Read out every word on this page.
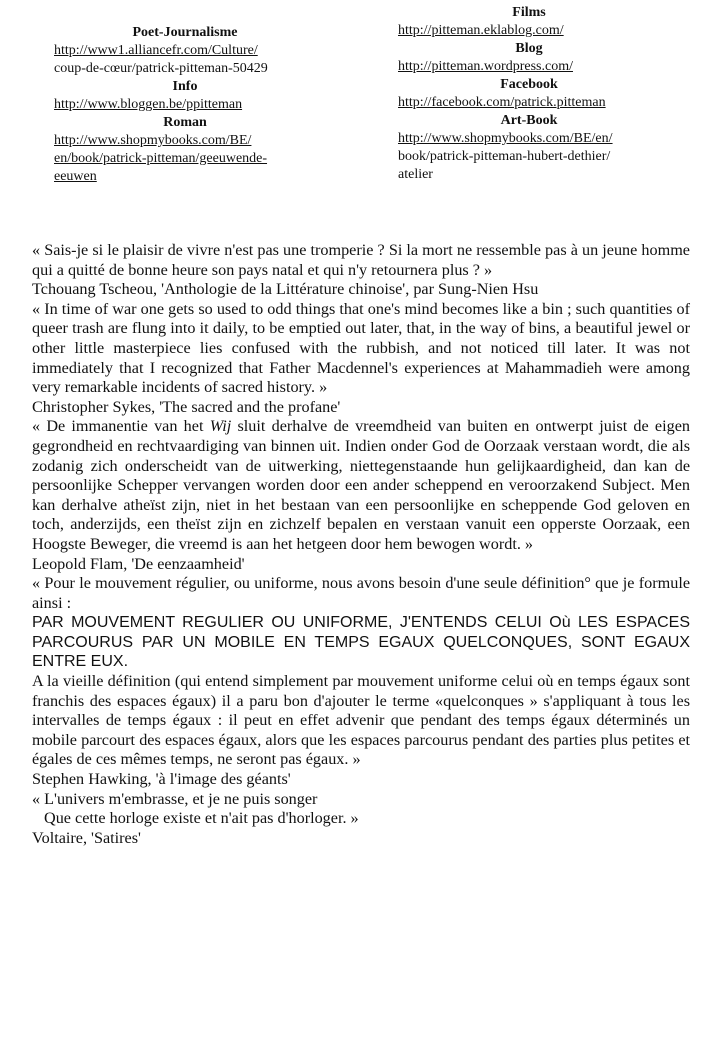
Poet-Journalisme
http://www1.alliancefr.com/Culture/
coup-de-cœur/patrick-pitteman-50429
Info
http://www.bloggen.be/ppitteman
Roman
http://www.shopmybooks.com/BE/
en/book/patrick-pitteman/geeuwende-
eeuwen
Films
http://pitteman.eklablog.com/
Blog
http://pitteman.wordpress.com/
Facebook
http://facebook.com/patrick.pitteman
Art-Book
http://www.shopmybooks.com/BE/en/
book/patrick-pitteman-hubert-dethier/
atelier

« Sais-je si le plaisir de vivre n'est pas une tromperie ? Si la mort ne ressemble pas à un jeune homme qui a quitté de bonne heure son pays natal et qui n'y retournera plus ? »

Tchouang Tscheou, 'Anthologie de la Littérature chinoise', par Sung-Nien Hsu

« In time of war one gets so used to odd things that one's mind becomes like a bin ; such quantities of queer trash are flung into it daily, to be emptied out later, that, in the way of bins, a beautiful jewel or other little masterpiece lies confused with the rubbish, and not noticed till later. It was not immediately that I recognized that Father Macdennel's experiences at Mahammadieh were among very remarkable incidents of sacred history. »

Christopher Sykes, 'The sacred and the profane'

« De immanentie van het Wij sluit derhalve de vreemdheid van buiten en ontwerpt juist de eigen gegrondheid en rechtvaardiging van binnen uit. Indien onder God de Oorzaak verstaan wordt, die als zodanig zich onderscheidt van de uitwerking, niettegenstaande hun gelijkaardigheid, dan kan de persoonlijke Schepper vervangen worden door een ander scheppend en veroorzakend Subject. Men kan derhalve atheïst zijn, niet in het bestaan van een persoonlijke en scheppende God geloven en toch, anderzijds, een theïst zijn en zichzelf bepalen en verstaan vanuit een opperste Oorzaak, een Hoogste Beweger, die vreemd is aan het hetgeen door hem bewogen wordt. »

Leopold Flam, 'De eenzaamheid'

« Pour le mouvement régulier, ou uniforme, nous avons besoin d'une seule définition° que je formule ainsi :

PAR MOUVEMENT REGULIER OU UNIFORME, J'ENTENDS CELUI Où LES ESPACES PARCOURUS PAR UN MOBILE EN TEMPS EGAUX QUELCONQUES, SONT EGAUX ENTRE EUX.

A la vieille définition (qui entend simplement par mouvement uniforme celui où en temps égaux sont franchis des espaces égaux) il a paru bon d'ajouter le terme «quelconques » s'appliquant à tous les intervalles de temps égaux : il peut en effet advenir que pendant des temps égaux déterminés un mobile parcourt des espaces égaux, alors que les espaces parcourus pendant des parties plus petites et égales de ces mêmes temps, ne seront pas égaux. »

Stephen Hawking, 'à l'image des géants'

« L'univers m'embrasse, et je ne puis songer

Que cette horloge existe et n'ait pas d'horloger. »

Voltaire, 'Satires'
